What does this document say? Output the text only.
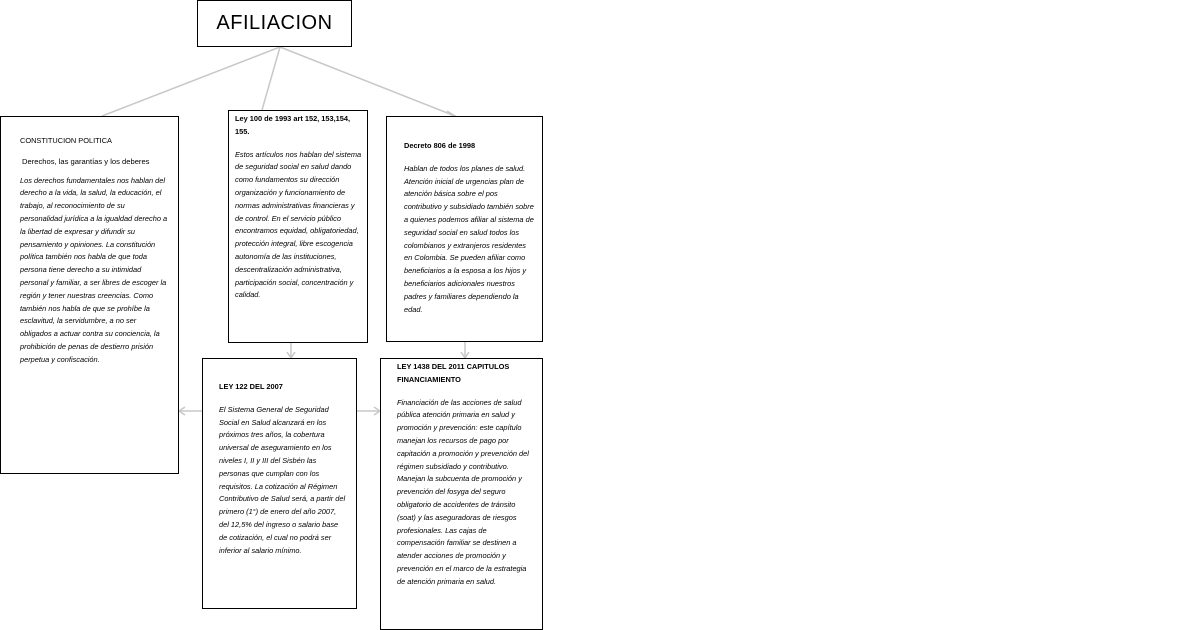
AFILIACION
CONSTITUCION POLITICA
Derechos, las garantías y los deberes
Los derechos fundamentales nos hablan del derecho a la vida, la salud, la educación, el trabajo, al reconocimiento de su personalidad jurídica a la igualdad derecho a la libertad de expresar y difundir su pensamiento y opiniones. La constitución política también nos habla de que toda persona tiene derecho a su intimidad personal y familiar, a ser libres de escoger la región y tener nuestras creencias. Como también nos habla de que se prohíbe la esclavitud, la servidumbre, a no ser obligados a actuar contra su conciencia, la prohibición de penas de destierro prisión perpetua y confiscación.
Ley 100 de 1993 art 152, 153,154, 155.
Estos artículos nos hablan del sistema de seguridad social en salud dando como fundamentos su dirección organización y funcionamiento de normas administrativas financieras y de control. En el servicio público encontramos equidad, obligatoriedad, protección integral, libre escogencia autonomía de las instituciones, descentralización administrativa, participación social, concentración y calidad.
Decreto 806 de 1998
Hablan de todos los planes de salud. Atención inicial de urgencias plan de atención básica sobre el pos contributivo y subsidiado también sobre a quienes podemos afiliar al sistema de seguridad social en salud todos los colombianos y extranjeros residentes en Colombia. Se pueden afiliar como beneficiarios a la esposa a los hijos y beneficiarios adicionales nuestros padres y familiares dependiendo la edad.
LEY 122 DEL 2007
El Sistema General de Seguridad Social en Salud alcanzará en los próximos tres años, la cobertura universal de aseguramiento en los niveles I, II y III del Sisbén las personas que cumplan con los requisitos. La cotización al Régimen Contributivo de Salud será, a partir del primero (1°) de enero del año 2007, del 12,5% del ingreso o salario base de cotización, el cual no podrá ser inferior al salario mínimo.
LEY 1438 DEL 2011 CAPITULOS FINANCIAMIENTO
Financiación de las acciones de salud pública atención primaria en salud y promoción y prevención: este capítulo manejan los recursos de pago por capitación a promoción y prevención del régimen subsidiado y contributivo. Manejan la subcuenta de promoción y prevención del fosyga del seguro obligatorio de accidentes de tránsito (soat) y las aseguradoras de riesgos profesionales. Las cajas de compensación familiar se destinen a atender acciones de promoción y prevención en el marco de la estrategia de atención primaria en salud.
